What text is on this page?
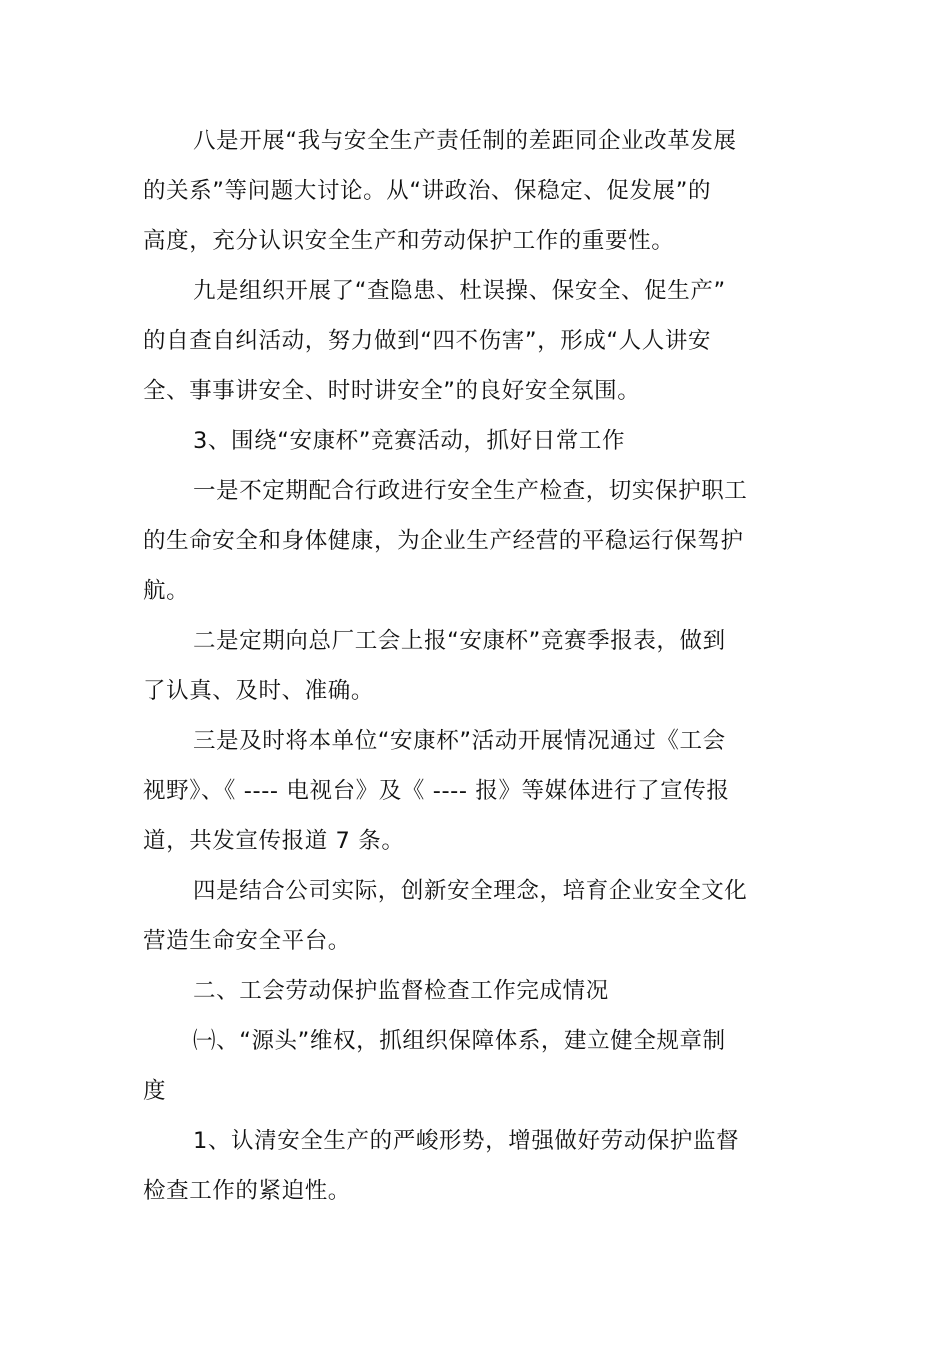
八是开展“我与安全生产责任制的差距同企业改革发展
的关系”等问题大讨论。从“讲政治、保稳定、促发展”的
高度，充分认识安全生产和劳动保护工作的重要性。
九是组织开展了“查隐患、杜误操、保安全、促生产”
的自查自纠活动，努力做到“四不伤害”，形成“人人讲安
全、事事讲安全、时时讲安全”的良好安全氛围。
3、围绕“安康杯”竞赛活动，抓好日常工作
一是不定期配合行政进行安全生产检查，切实保护职工
的生命安全和身体健康，为企业生产经营的平稳运行保驾护
航。
二是定期向总厂工会上报“安康杯”竞赛季报表，做到
了认真、及时、准确。
三是及时将本单位“安康杯”活动开展情况通过《工会
视野》、《 ---- 电视台》及《 ---- 报》等媒体进行了宣传报
道，共发宣传报道 7 条。
四是结合公司实际，创新安全理念，培育企业安全文化
营造生命安全平台。
二、工会劳动保护监督检查工作完成情况
㈠、“源头”维权，抓组织保障体系，建立健全规章制
度
1、认清安全生产的严峻形势，增强做好劳动保护监督
检查工作的紧迫性。
